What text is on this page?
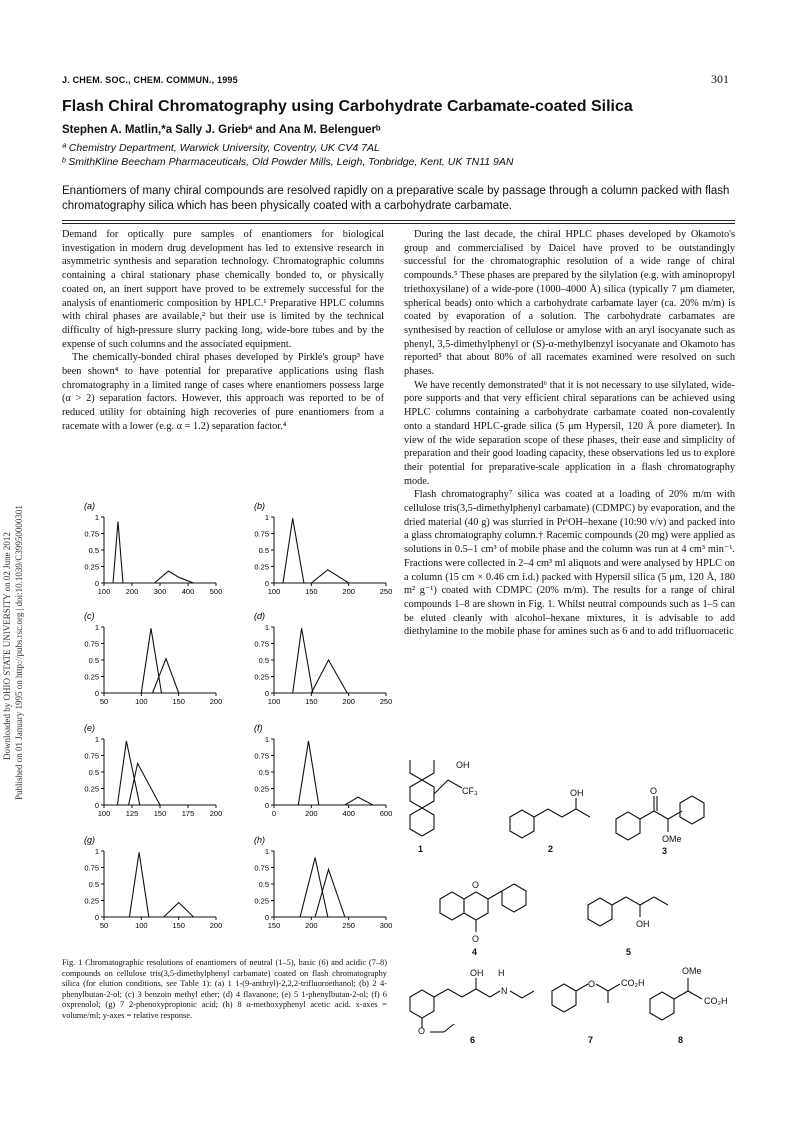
Downloaded by OHIO STATE UNIVERSITY on 02 June 2012 Published on 01 January 1995 on http://pubs.rsc.org | doi:10.1039/C39950000301
J. CHEM. SOC., CHEM. COMMUN., 1995	301
Flash Chiral Chromatography using Carbohydrate Carbamate-coated Silica
Stephen A. Matlin,*a Sally J. Griebª and Ana M. Belenguerᵇ
ª Chemistry Department, Warwick University, Coventry, UK CV4 7AL
ᵇ SmithKline Beecham Pharmaceuticals, Old Powder Mills, Leigh, Tonbridge, Kent, UK TN11 9AN
Enantiomers of many chiral compounds are resolved rapidly on a preparative scale by passage through a column packed with flash chromatography silica which has been physically coated with a carbohydrate carbamate.

Demand for optically pure samples of enantiomers for biological investigation in modern drug development has led to extensive research in asymmetric synthesis and separation technology. Chromatographic columns containing a chiral stationary phase chemically bonded to, or physically coated on, an inert support have proved to be extremely successful for the analysis of enantiomeric composition by HPLC.¹ Preparative HPLC columns with chiral phases are available,² but their use is limited by the technical difficulty of high-pressure slurry packing long, wide-bore tubes and by the expense of such columns and the associated equipment.

The chemically-bonded chiral phases developed by Pirkle's group³ have been shown⁴ to have potential for preparative applications using flash chromatography in a limited range of cases where enantiomers possess large (α > 2) separation factors. However, this approach was reported to be of reduced utility for obtaining high recoveries of pure enantiomers from a racemate with a lower (e.g. α = 1.2) separation factor.⁴

During the last decade, the chiral HPLC phases developed by Okamoto's group and commercialised by Daicel have proved to be outstandingly successful for the chromatographic resolution of a wide range of chiral compounds.⁵ These phases are prepared by the silylation (e.g. with aminopropyl triethoxysilane) of a wide-pore (1000–4000 Å) silica (typically 7 μm diameter, spherical beads) onto which a carbohydrate carbamate layer (ca. 20% m/m) is coated by evaporation of a solution. The carbohydrate carbamates are synthesised by reaction of cellulose or amylose with an aryl isocyanate such as phenyl, 3,5-dimethylphenyl or (S)-α-methylbenzyl isocyanate and Okamoto has reported⁵ that about 80% of all racemates examined were resolved on such phases.

We have recently demonstrated⁶ that it is not necessary to use silylated, wide-pore supports and that very efficient chiral separations can be achieved using HPLC columns containing a carbohydrate carbamate coated non-covalently onto a standard HPLC-grade silica (5 μm Hypersil, 120 Å pore diameter). In view of the wide separation scope of these phases, their ease and simplicity of preparation and their good loading capacity, these observations led us to explore their potential for preparative-scale application in a flash chromatography mode.

Flash chromatography⁷ silica was coated at a loading of 20% m/m with cellulose tris(3,5-dimethylphenyl carbamate) (CDMPC) by evaporation, and the dried material (40 g) was slurried in PrⁱOH–hexane (10:90 v/v) and packed into a glass chromatography column.† Racemic compounds (20 mg) were applied as solutions in 0.5–1 cm³ of mobile phase and the column was run at 4 cm³ min⁻¹. Fractions were collected in 2–4 cm³ ml aliquots and were analysed by HPLC on a column (15 cm × 0.46 cm i.d.) packed with Hypersil silica (5 μm, 120 Å, 180 m² g⁻¹) coated with CDMPC (20% m/m). The results for a range of chiral compounds 1–8 are shown in Fig. 1. Whilst neutral compounds such as 1–5 can be eluted cleanly with alcohol–hexane mixtures, it is advisable to add diethylamine to the mobile phase for amines such as 6 and to add trifluoroacetic

(a)
0
0.25
0.5
0.75
1
100 200 300 400 500
(b)
0
0.25
0.5
0.75
1
100	150	200	250
(c)
0
0.25
0.5
0.75
1
50	100	150	200
(d)
0
0.25
0.5
0.75
1
100	150	200	250
(e)
0
0.25
0.5
0.75
1
100 125 150 175 200
(f)
0
0.25
0.5
0.75
1
0	200	400	600
(g)
0
0.25
0.5
0.75
1
50	100	150	200
(h)
0
0.25
0.5
0.75
1
150	200	250	300
Fig. 1 Chromatographic resolutions of enantiomers of neutral (1–5), basic (6) and acidic (7–8) compounds on cellulose tris(3,5-dimethylphenyl carbamate) coated on flash chromatography silica (for elution conditions, see Table 1): (a) 1 1-(9-anthryl)-2,2,2-trifluoroethanol; (b) 2 4-phenylbutan-2-ol; (c) 3 benzoin methyl ether; (d) 4 flavanone; (e) 5 1-phenylbutan-2-ol; (f) 6 oxprenolol; (g) 7 2-phenoxypropionic acid; (h) 8 α-methoxyphenyl acetic acid. x-axes = volume/ml; y-axes = relative response.
OH
CF₃	OH	O
OMe
O
O
OH
OH H
N
O
O	CO₂H
OMe
CO₂H
1	2	3
4	5
6	7	8
